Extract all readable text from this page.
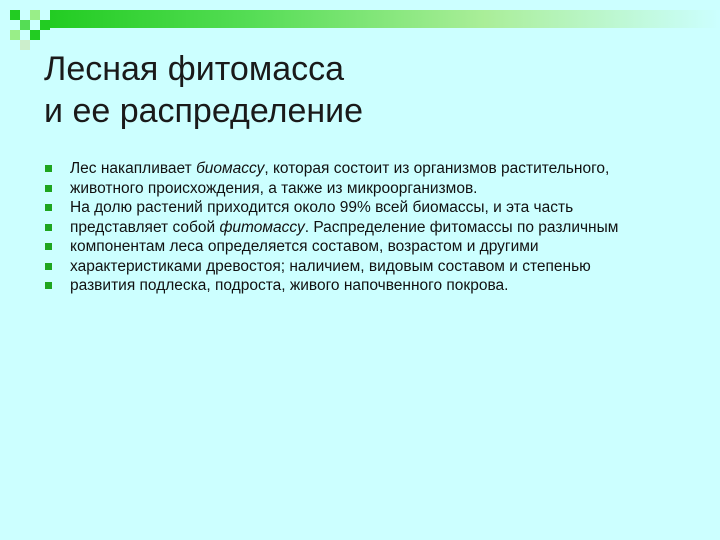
Лесная фитомасса
и ее распределение
Лес накапливает биомассу, которая состоит из организмов растительного,
животного происхождения, а также из микроорганизмов.
На долю растений приходится около 99% всей биомассы, и эта часть
представляет собой фитомассу. Распределение фитомассы по различным
компонентам леса определяется составом, возрастом и другими
характеристиками древостоя; наличием, видовым составом и степенью
развития подлеска, подроста, живого напочвенного покрова.
